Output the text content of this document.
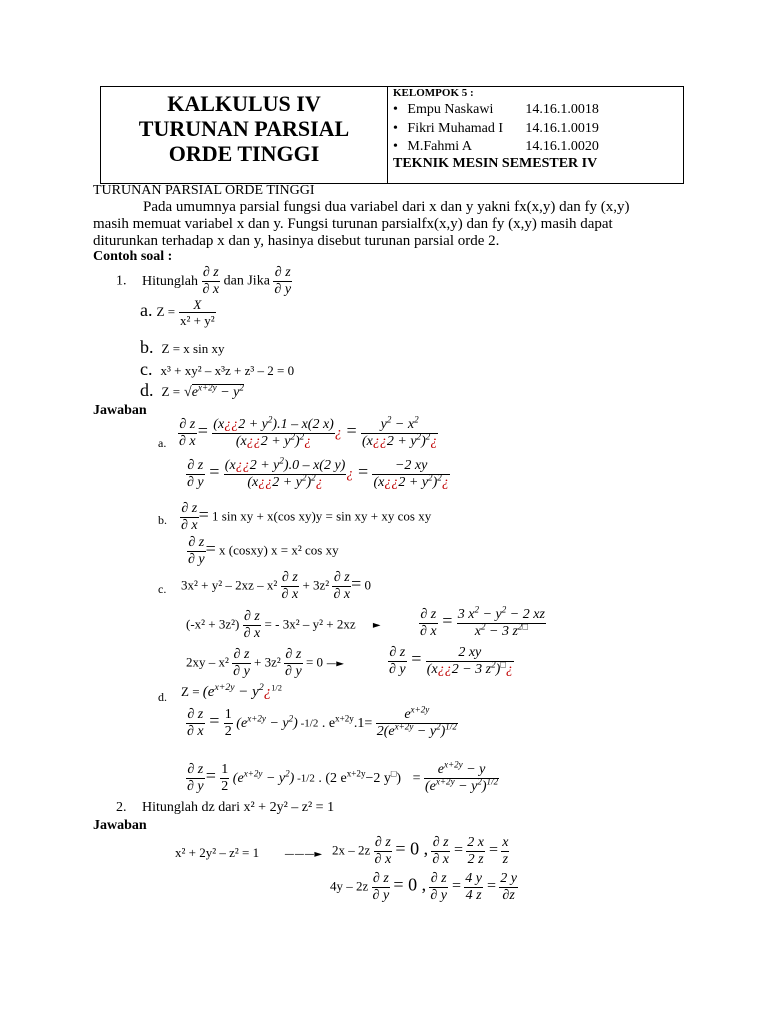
KALKULUS IV
TURUNAN PARSIAL
ORDE TINGGI
KELOMPOK 5 :
• Empu Naskawi 14.16.1.0018
• Fikri Muhamad I 14.16.1.0019
• M.Fahmi A	14.16.1.0020
TEKNIK MESIN SEMESTER IV
TURUNAN PARSIAL ORDE TINGGI
Pada umumnya parsial fungsi dua variabel dari x dan y yakni fx(x,y) dan fy (x,y)
masih memuat variabel x dan y. Fungsi turunan parsialfx(x,y) dan fy (x,y) masih dapat
diturunkan terhadap x dan y, hasinya disebut turunan parsial orde 2.
Contoh soal :
1. Hitunglah $\frac{\partial z}{\partial x}$ dan Jika $\frac{\partial z}{\partial y}$
a. $Z = \frac{X}{\text{x² + y²}}$
b. Z = x sin xy
c. x³ + xy² – x³z + z³ – 2 = 0
d. $Z = √e^{x+2y} - y^2$
Jawaban
a. $\frac{\partial z}{\partial x} = \frac{(x¿¿2 + y^2).1 - x(2 x)}{(x¿¿2 + y^2)^2¿}$ ¿ = $\frac{y^2 - x^2}{(x¿¿2 + y^2)^2¿}$
$\frac{\partial z}{\partial y} = \frac{(x¿¿2 + y^2).0 - x(2 y)}{(x¿¿2 + y^2)^2¿}$ ¿ = $\frac{-2 xy}{(x¿¿2 + y^2)^2¿}$
b. $\frac{\partial z}{\partial x} = 1$ sin xy + x(cos xy)y = sin xy + xy cos xy
$\frac{\partial z}{\partial y} = x$ (cosxy) x = x² cos xy
c. $3x^2 + y^2 - 2xz - x^2 \frac{\partial z}{\partial x} + 3z^2 \frac{\partial z}{\partial x} = 0$
$(-x^2 + 3z^2) \frac{\partial z}{\partial x}$ = - 3x² – y² + 2xz ►	$\frac{\partial z}{\partial x} = \frac{3 x^2 - y^2 - 2 xz}{x^2 - 3 z^{2□}}$
$2xy - x^2 \frac{\partial z}{\partial y} + 3z^2 \frac{\partial z}{\partial y} = 0$ —►	$\frac{\partial z}{\partial y} = \frac{2 xy}{(x¿¿2 - 3 z^2)^□¿}$
d. $Z = (e^{x+2y}$ − $y^2¿^{1/2}$
$\frac{\partial z}{\partial x} = \frac{1}{2} (e^{x+2y} - y^2)$ -1/2 . $e^{x+2y}.1= \frac{e^{x+2y}}{2(e^{x+2y} - y^2)^{1/2}}$
$\frac{\partial z}{\partial y} = \frac{1}{2} (e^{x+2y} - y^2)$ -1/2 . (2 $e^{x+2y}-2$ $y^□) = \frac{e^{x+2y} - y}{(e^{x+2y} - y^2)^{1/2}}$
2. Hitunglah dz dari x² + 2y² – z² = 1
Jawaban
x² + 2y² – z² = 1	———► $2x - 2z \frac{\partial z}{\partial x} = 0$ , $\frac{\partial z}{\partial x} = \frac{2 x}{2 z} = \frac{x}{z}$
$4y - 2z \frac{\partial z}{\partial y} = 0$ , $\frac{\partial z}{\partial y} = \frac{4 y}{4 z} = \frac{2 y}{\partial z}$
